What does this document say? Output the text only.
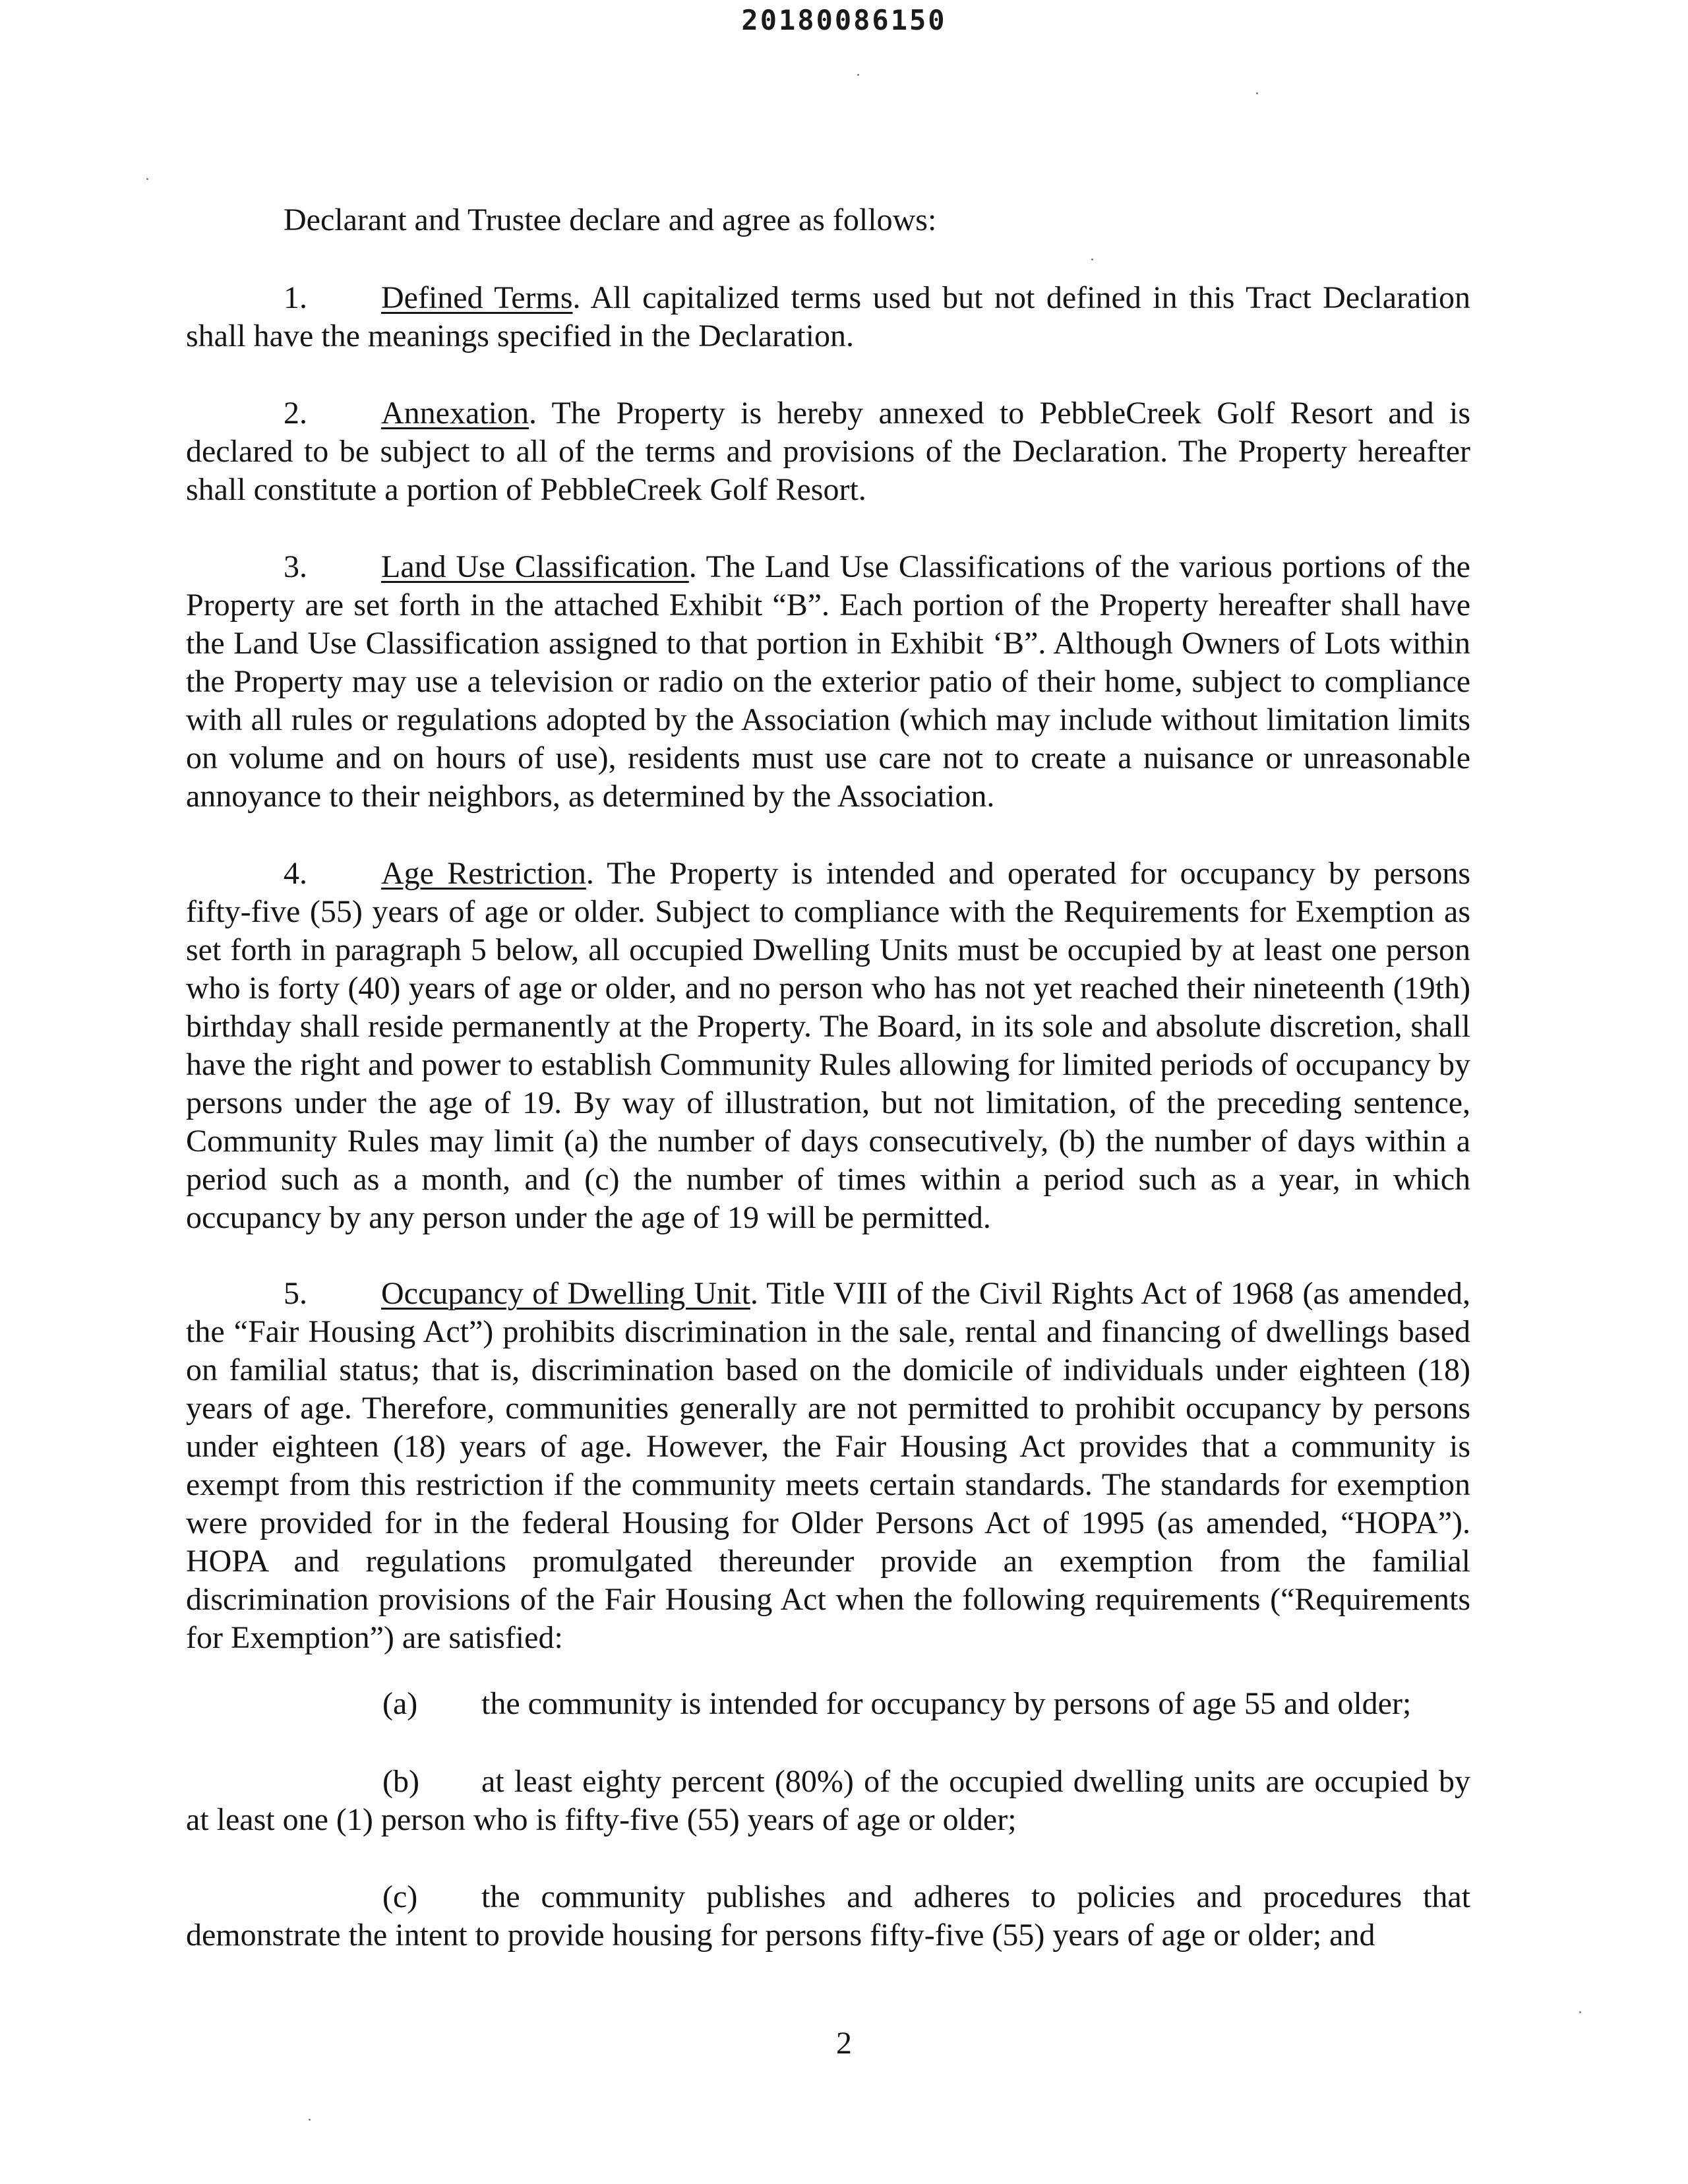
20180086150
Declarant and Trustee declare and agree as follows:
1. Defined Terms. All capitalized terms used but not defined in this Tract Declaration shall have the meanings specified in the Declaration.
2. Annexation. The Property is hereby annexed to PebbleCreek Golf Resort and is declared to be subject to all of the terms and provisions of the Declaration. The Property hereafter shall constitute a portion of PebbleCreek Golf Resort.
3. Land Use Classification. The Land Use Classifications of the various portions of the Property are set forth in the attached Exhibit “B”. Each portion of the Property hereafter shall have the Land Use Classification assigned to that portion in Exhibit ‘B”. Although Owners of Lots within the Property may use a television or radio on the exterior patio of their home, subject to compliance with all rules or regulations adopted by the Association (which may include without limitation limits on volume and on hours of use), residents must use care not to create a nuisance or unreasonable annoyance to their neighbors, as determined by the Association.
4. Age Restriction. The Property is intended and operated for occupancy by persons fifty-five (55) years of age or older. Subject to compliance with the Requirements for Exemption as set forth in paragraph 5 below, all occupied Dwelling Units must be occupied by at least one person who is forty (40) years of age or older, and no person who has not yet reached their nineteenth (19th) birthday shall reside permanently at the Property. The Board, in its sole and absolute discretion, shall have the right and power to establish Community Rules allowing for limited periods of occupancy by persons under the age of 19. By way of illustration, but not limitation, of the preceding sentence, Community Rules may limit (a) the number of days consecutively, (b) the number of days within a period such as a month, and (c) the number of times within a period such as a year, in which occupancy by any person under the age of 19 will be permitted.
5. Occupancy of Dwelling Unit. Title VIII of the Civil Rights Act of 1968 (as amended, the “Fair Housing Act”) prohibits discrimination in the sale, rental and financing of dwellings based on familial status; that is, discrimination based on the domicile of individuals under eighteen (18) years of age. Therefore, communities generally are not permitted to prohibit occupancy by persons under eighteen (18) years of age. However, the Fair Housing Act provides that a community is exempt from this restriction if the community meets certain standards. The standards for exemption were provided for in the federal Housing for Older Persons Act of 1995 (as amended, “HOPA”). HOPA and regulations promulgated thereunder provide an exemption from the familial discrimination provisions of the Fair Housing Act when the following requirements (“Requirements for Exemption”) are satisfied:
(a) the community is intended for occupancy by persons of age 55 and older;
(b) at least eighty percent (80%) of the occupied dwelling units are occupied by at least one (1) person who is fifty-five (55) years of age or older;
(c) the community publishes and adheres to policies and procedures that demonstrate the intent to provide housing for persons fifty-five (55) years of age or older; and
2
